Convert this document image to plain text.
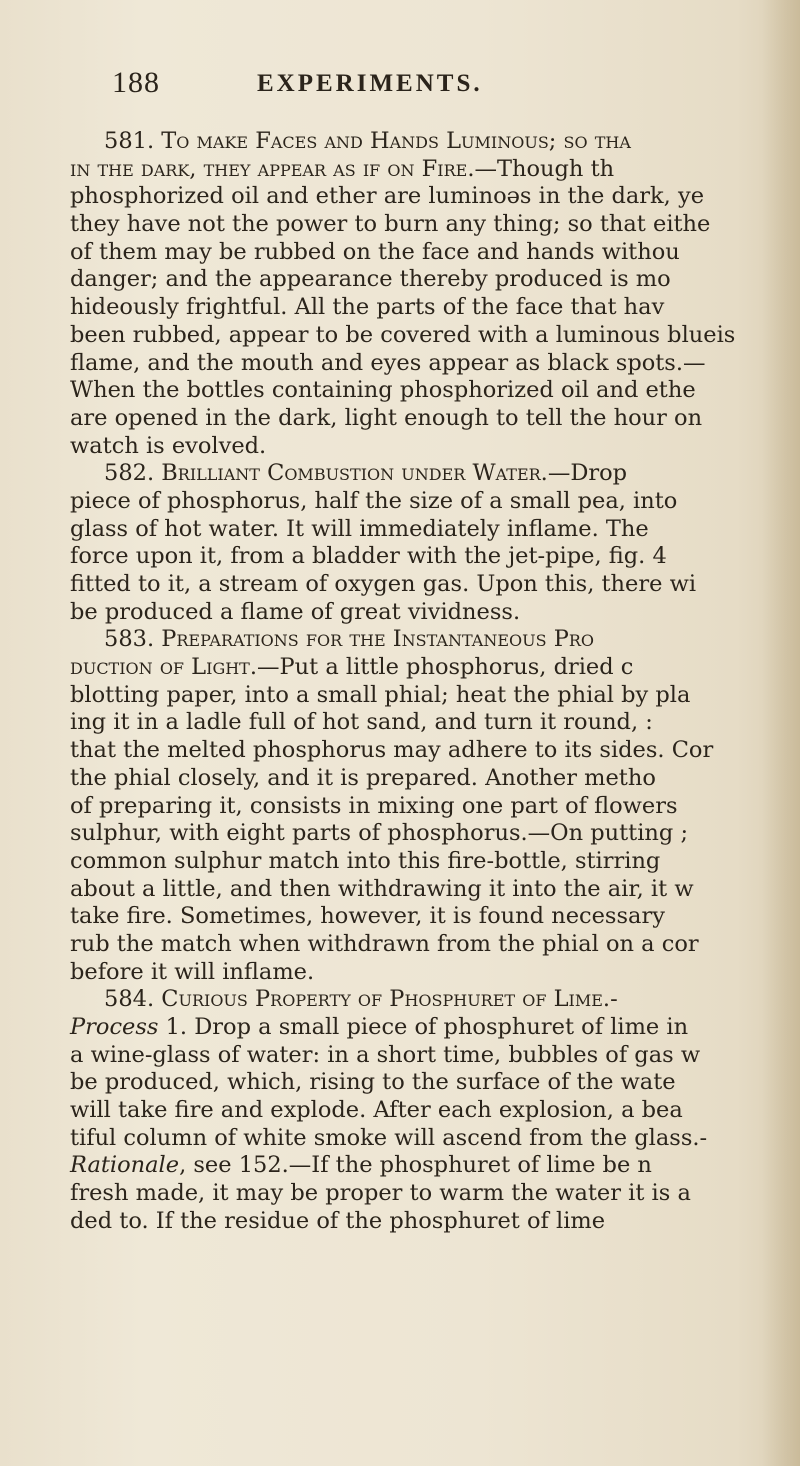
188	EXPERIMENTS.
581. To make Faces and Hands Luminous; so tha
in the dark, they appear as if on Fire.—Though th
phosphorized oil and ether are luminoǝs in the dark, ye
they have not the power to burn any thing; so that eithe
of them may be rubbed on the face and hands withou
danger; and the appearance thereby produced is mo
hideously frightful. All the parts of the face that hav
been rubbed, appear to be covered with a luminous blueis
flame, and the mouth and eyes appear as black spots.—
When the bottles containing phosphorized oil and ethe
are opened in the dark, light enough to tell the hour on
watch is evolved.
582. Brilliant Combustion under Water.—Drop
piece of phosphorus, half the size of a small pea, into
glass of hot water. It will immediately inflame. The
force upon it, from a bladder with the jet-pipe, fig. 4
fitted to it, a stream of oxygen gas. Upon this, there wi
be produced a flame of great vividness.
583. Preparations for the Instantaneous Pro
duction of Light.—Put a little phosphorus, dried c
blotting paper, into a small phial; heat the phial by pla
ing it in a ladle full of hot sand, and turn it round, :
that the melted phosphorus may adhere to its sides. Cor
the phial closely, and it is prepared. Another metho
of preparing it, consists in mixing one part of flowers
sulphur, with eight parts of phosphorus.—On putting ;
common sulphur match into this fire-bottle, stirring
about a little, and then withdrawing it into the air, it w
take fire. Sometimes, however, it is found necessary
rub the match when withdrawn from the phial on a cor
before it will inflame.
584. Curious Property of Phosphuret of Lime.-
Process 1. Drop a small piece of phosphuret of lime in
a wine-glass of water: in a short time, bubbles of gas w
be produced, which, rising to the surface of the wate
will take fire and explode. After each explosion, a bea
tiful column of white smoke will ascend from the glass.-
Rationale, see 152.—If the phosphuret of lime be n
fresh made, it may be proper to warm the water it is a
ded to. If the residue of the phosphuret of lime
